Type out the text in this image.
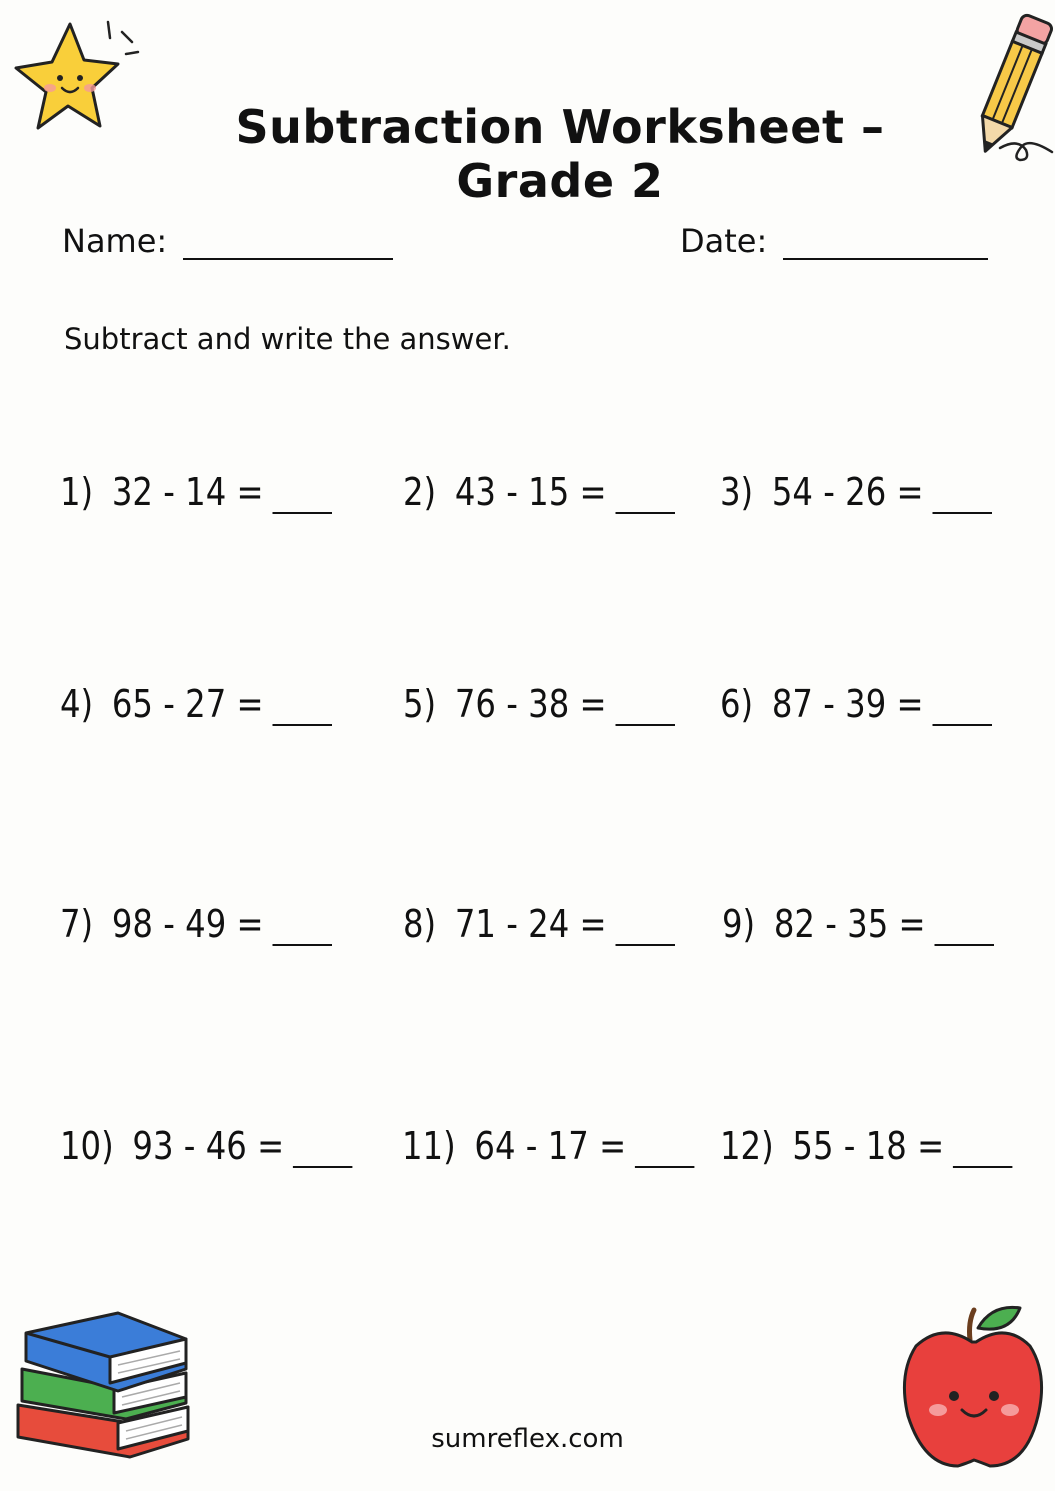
Subtraction Worksheet – Grade 2
Name:	Date:
Subtract and write the answer.
1) 32 - 14 =	2) 43 - 15 =	3) 54 - 26 =
4) 65 - 27 =	5) 76 - 38 =	6) 87 - 39 =
7) 98 - 49 =	8) 71 - 24 =	9) 82 - 35 =
10) 93 - 46 =	11) 64 - 17 = 12) 55 - 18 =
sumreflex.com
